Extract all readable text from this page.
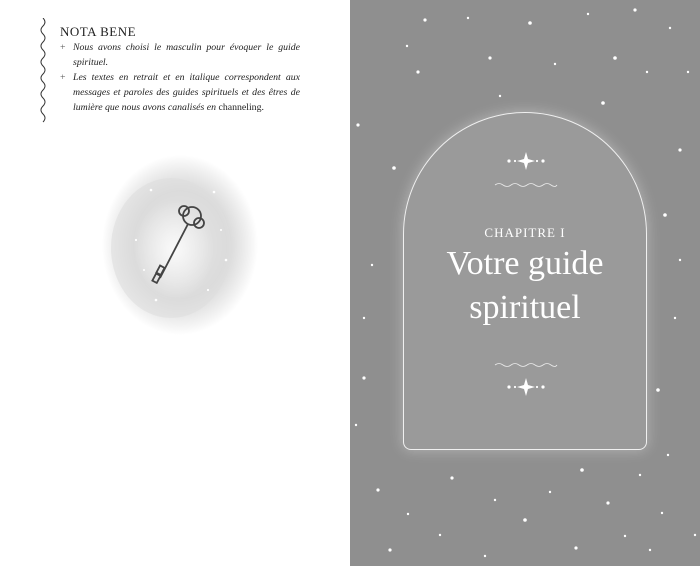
NOTA BENE
+ Nous avons choisi le masculin pour évoquer le guide spirituel.
+ Les textes en retrait et en italique correspondent aux messages et paroles des guides spirituels et des êtres de lumière que nous avons canalisés en channeling.
CHAPITRE I
Votre guide spirituel
